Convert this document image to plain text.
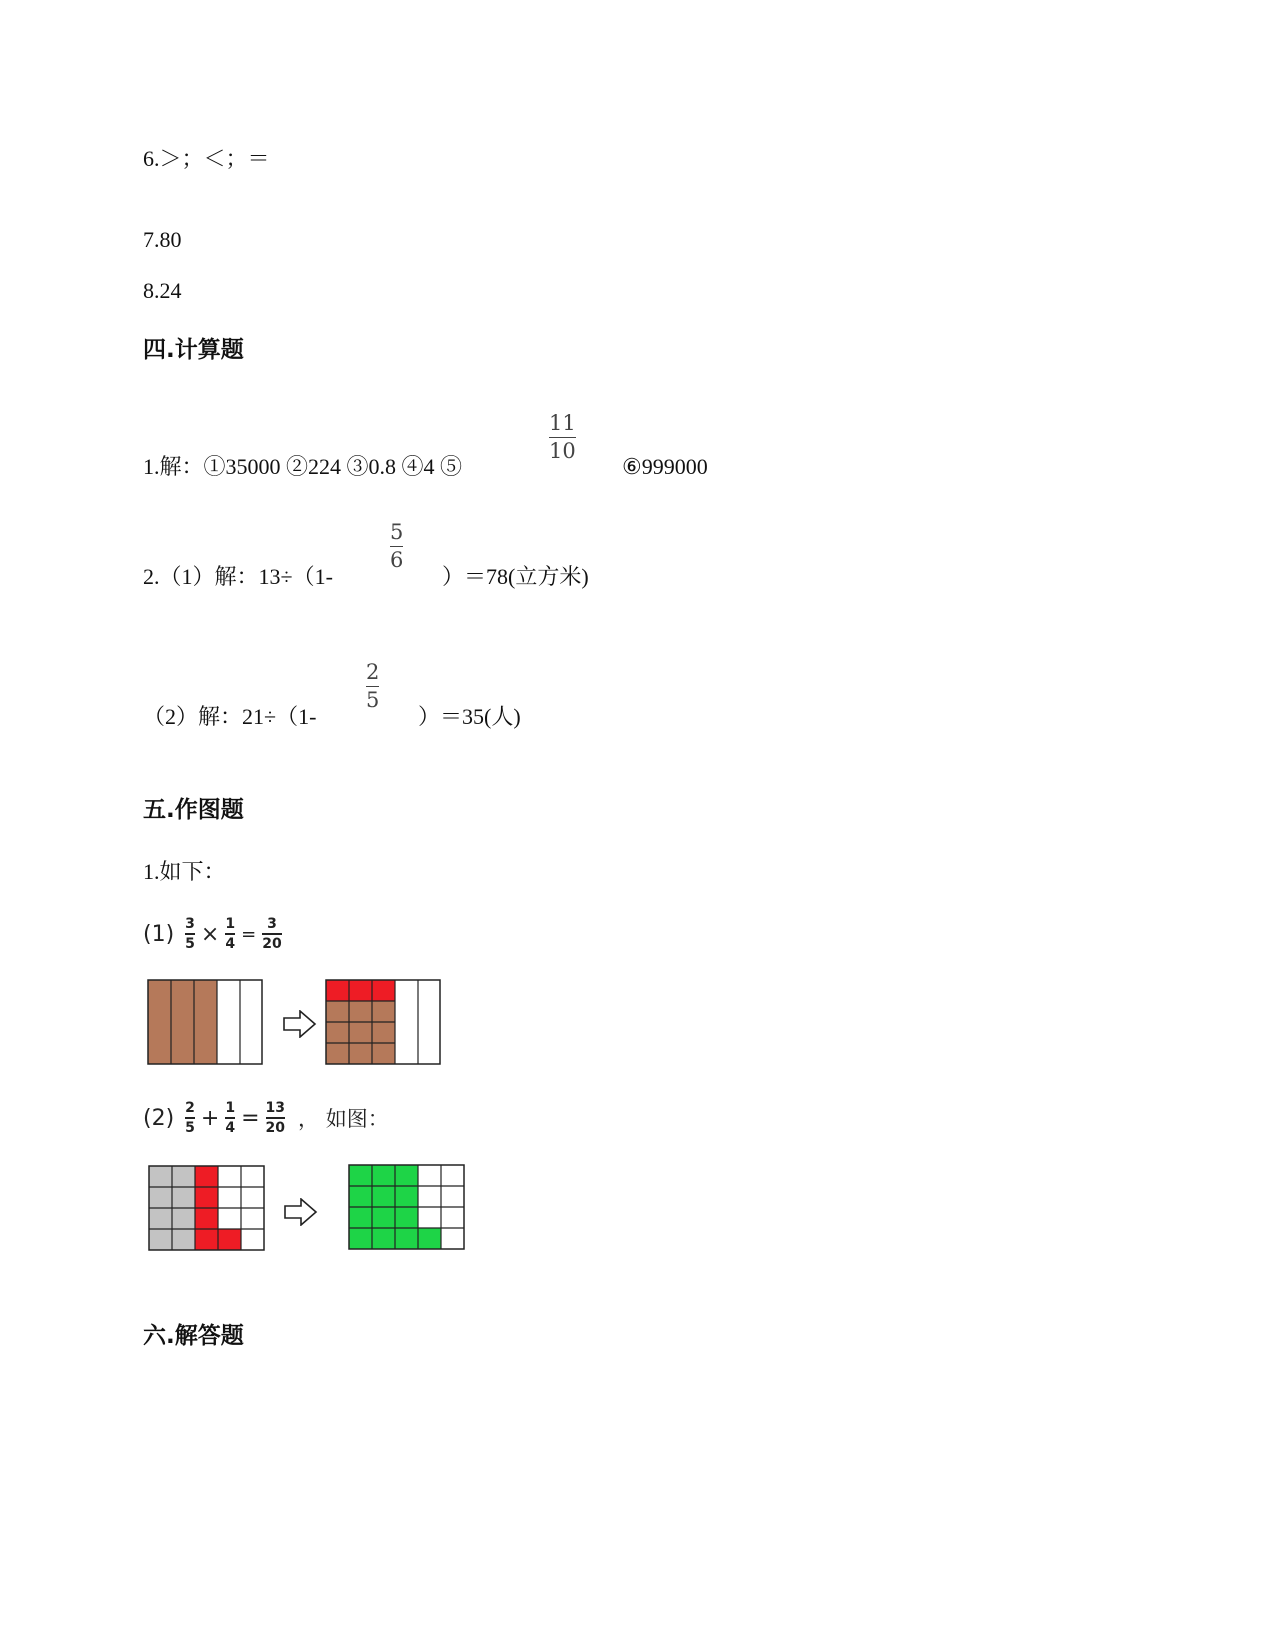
6.＞；＜；＝
7.80
8.24
四.计算题
1.解：①35000 ②224 ③0.8 ④4 ⑤
11
10
⑥999000
2.（1）解：13÷（1-
5
6
）＝78(立方米)
（2）解：21÷（1-
2
5
）＝35(人)
五.作图题
1.如下：
(1) 3
5 × 1
4 = 3
20
(2) 2
5 + 1
4 = 13
20 ， 如图：
六.解答题
